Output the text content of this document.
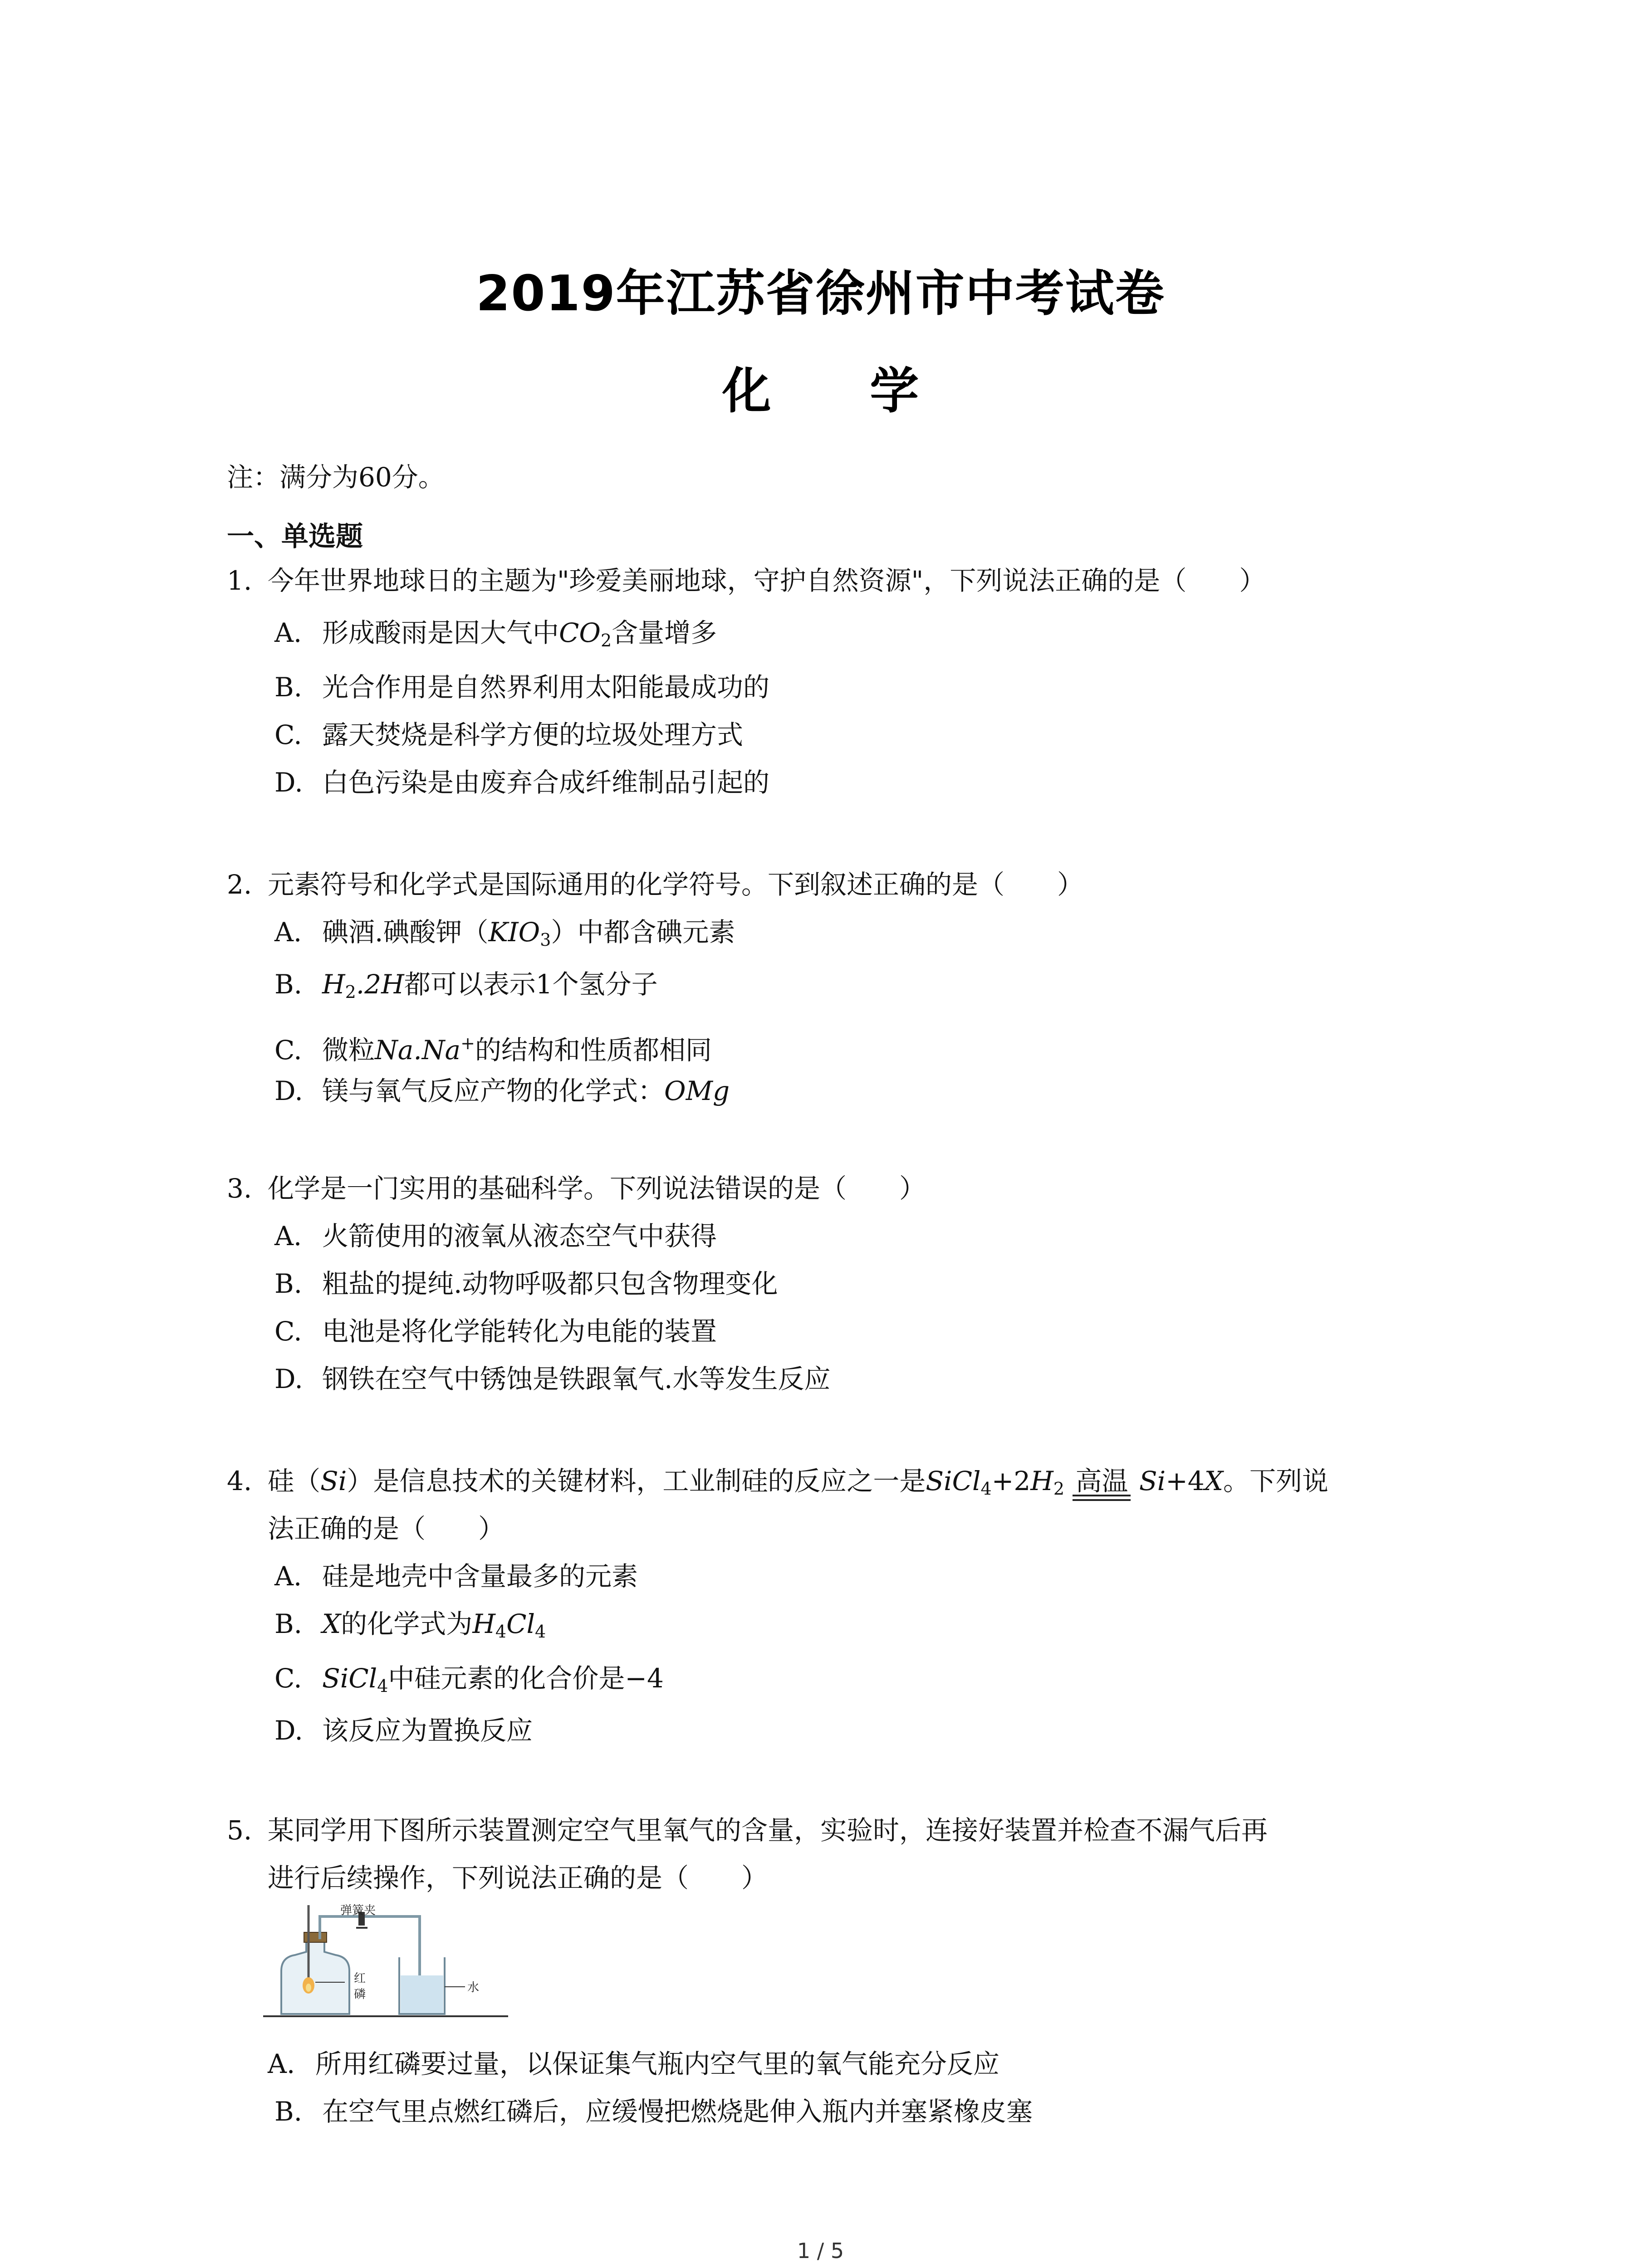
2019年江苏省徐州市中考试卷
化 学
注：满分为60分。
一、单选题
1. 今年世界地球日的主题为"珍爱美丽地球，守护自然资源"，下列说法正确的是（　　）
A. 形成酸雨是因大气中$CO_2$含量增多
B. 光合作用是自然界利用太阳能最成功的
C. 露天焚烧是科学方便的垃圾处理方式
D. 白色污染是由废弃合成纤维制品引起的
2. 元素符号和化学式是国际通用的化学符号。下到叙述正确的是（　　）
A. 碘酒.碘酸钾$(KIO_3)$中都含碘元素
B. $H_2.2H$都可以表示1个氢分子
C. 微粒Na.Na+的结构和性质都相同
D. 镁与氧气反应产物的化学式：OMg
3. 化学是一门实用的基础科学。下列说法错误的是（　　）
A. 火箭使用的液氧从液态空气中获得
B. 粗盐的提纯.动物呼吸都只包含物理变化
C. 电池是将化学能转化为电能的装置
D. 钢铁在空气中锈蚀是铁跟氧气.水等发生反应
4. 硅（Si）是信息技术的关键材料，工业制硅的反应之一是$SiCl_4+2H_2$ 高温 Si+4X。下列说
法正确的是（　　）
A. 硅是地壳中含量最多的元素
B. X的化学式为$H_4Cl_4$
C. SiCl$_4$中硅元素的化合价是−4
D. 该反应为置换反应
5. 某同学用下图所示装置测定空气里氧气的含量，实验时，连接好装置并检查不漏气后再
进行后续操作，下列说法正确的是（　　）
弹簧夹
红
磷	水
A. 所用红磷要过量，以保证集气瓶内空气里的氧气能充分反应
B. 在空气里点燃红磷后，应缓慢把燃烧匙伸入瓶内并塞紧橡皮塞
1 / 5
